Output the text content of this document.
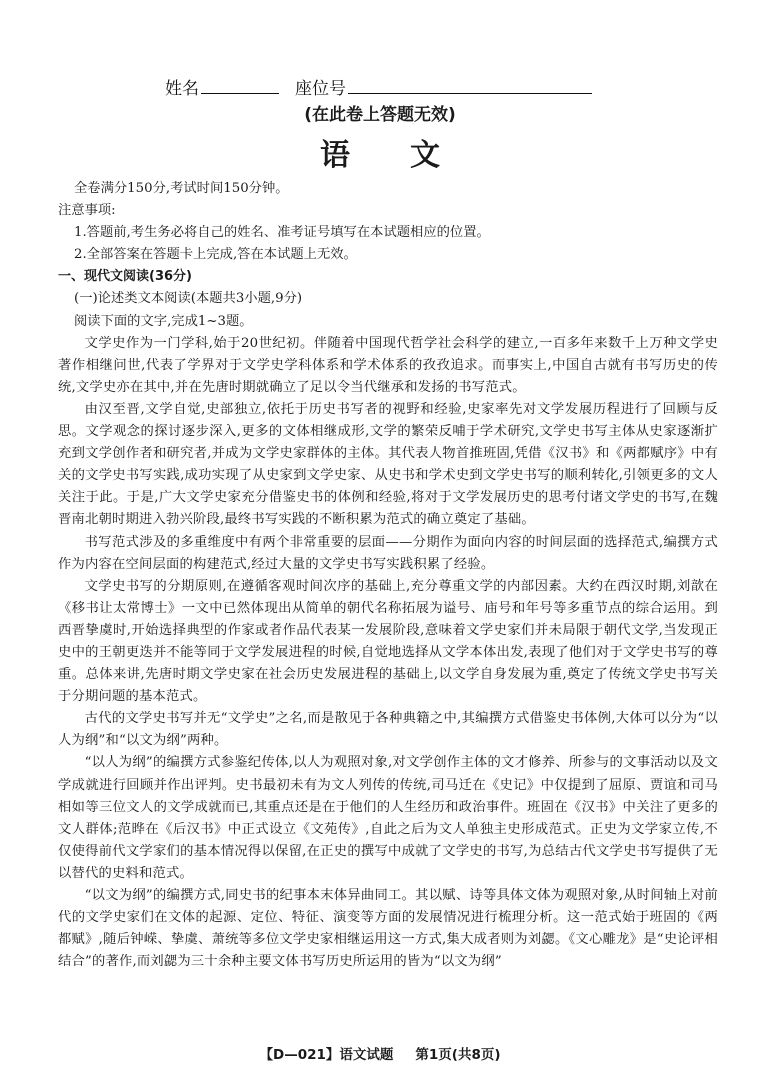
姓名	座位号
(在此卷上答题无效)
语文

全卷满分150分,考试时间150分钟。

注意事项:

1.答题前,考生务必将自己的姓名、准考证号填写在本试题相应的位置。

2.全部答案在答题卡上完成,答在本试题上无效。

一、现代文阅读(36分)

(一)论述类文本阅读(本题共3小题,9分)

阅读下面的文字,完成1~3题。

文学史作为一门学科,始于20世纪初。伴随着中国现代哲学社会科学的建立,一百多年来数千上万种文学史著作相继问世,代表了学界对于文学史学科体系和学术体系的孜孜追求。而事实上,中国自古就有书写历史的传统,文学史亦在其中,并在先唐时期就确立了足以令当代继承和发扬的书写范式。

由汉至晋,文学自觉,史部独立,依托于历史书写者的视野和经验,史家率先对文学发展历程进行了回顾与反思。文学观念的探讨逐步深入,更多的文体相继成形,文学的繁荣反哺于学术研究,文学史书写主体从史家逐渐扩充到文学创作者和研究者,并成为文学史家群体的主体。其代表人物首推班固,凭借《汉书》和《两都赋序》中有关的文学史书写实践,成功实现了从史家到文学史家、从史书和学术史到文学史书写的顺利转化,引领更多的文人关注于此。于是,广大文学史家充分借鉴史书的体例和经验,将对于文学发展历史的思考付诸文学史的书写,在魏晋南北朝时期进入勃兴阶段,最终书写实践的不断积累为范式的确立奠定了基础。

书写范式涉及的多重维度中有两个非常重要的层面——分期作为面向内容的时间层面的选择范式,编撰方式作为内容在空间层面的构建范式,经过大量的文学史书写实践积累了经验。

文学史书写的分期原则,在遵循客观时间次序的基础上,充分尊重文学的内部因素。大约在西汉时期,刘歆在《移书让太常博士》一文中已然体现出从简单的朝代名称拓展为谥号、庙号和年号等多重节点的综合运用。到西晋挚虞时,开始选择典型的作家或者作品代表某一发展阶段,意味着文学史家们并未局限于朝代文学,当发现正史中的王朝更迭并不能等同于文学发展进程的时候,自觉地选择从文学本体出发,表现了他们对于文学史书写的尊重。总体来讲,先唐时期文学史家在社会历史发展进程的基础上,以文学自身发展为重,奠定了传统文学史书写关于分期问题的基本范式。

古代的文学史书写并无“文学史”之名,而是散见于各种典籍之中,其编撰方式借鉴史书体例,大体可以分为“以人为纲”和“以文为纲”两种。

“以人为纲”的编撰方式参鉴纪传体,以人为观照对象,对文学创作主体的文才修养、所参与的文事活动以及文学成就进行回顾并作出评判。史书最初未有为文人列传的传统,司马迁在《史记》中仅提到了屈原、贾谊和司马相如等三位文人的文学成就而已,其重点还是在于他们的人生经历和政治事件。班固在《汉书》中关注了更多的文人群体;范晔在《后汉书》中正式设立《文苑传》,自此之后为文人单独主史形成范式。正史为文学家立传,不仅使得前代文学家们的基本情况得以保留,在正史的撰写中成就了文学史的书写,为总结古代文学史书写提供了无以替代的史料和范式。

“以文为纲”的编撰方式,同史书的纪事本末体异曲同工。其以赋、诗等具体文体为观照对象,从时间轴上对前代的文学史家们在文体的起源、定位、特征、演变等方面的发展情况进行梳理分析。这一范式始于班固的《两都赋》,随后钟嵘、挚虞、萧统等多位文学史家相继运用这一方式,集大成者则为刘勰。《文心雕龙》是“史论评相结合”的著作,而刘勰为三十余种主要文体书写历史所运用的皆为“以文为纲”

【D—021】语文试题 第1页(共8页)
